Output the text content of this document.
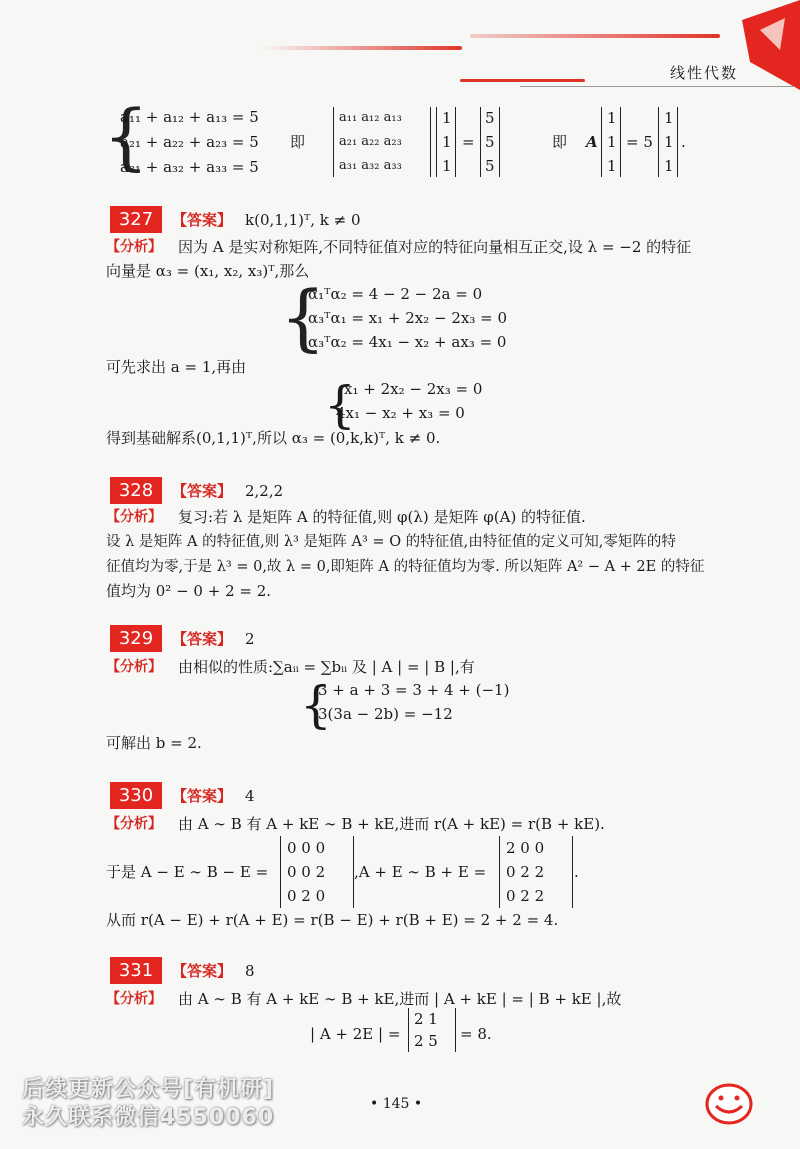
线性代数
{
a₁₁ + a₁₂ + a₁₃ = 5
a₂₁ + a₂₂ + a₂₃ = 5
a₃₁ + a₃₂ + a₃₃ = 5
即
a₁₁ a₁₂ a₁₃
a₂₁ a₂₂ a₂₃
a₃₁ a₃₂ a₃₃
1
1
1
=
5
5
5
即 A
1
1
1
= 5
1
1
1
.
327	【答案】 k(0,1,1)ᵀ, k ≠ 0
【分析】 因为 A 是实对称矩阵,不同特征值对应的特征向量相互正交,设 λ = −2 的特征
向量是 α₃ = (x₁, x₂, x₃)ᵀ,那么
{
α₁ᵀα₂ = 4 − 2 − 2a = 0
α₃ᵀα₁ = x₁ + 2x₂ − 2x₃ = 0
α₃ᵀα₂ = 4x₁ − x₂ + ax₃ = 0
可先求出 a = 1,再由
{
x₁ + 2x₂ − 2x₃ = 0
4x₁ − x₂ + x₃ = 0
得到基础解系(0,1,1)ᵀ,所以 α₃ = (0,k,k)ᵀ, k ≠ 0.
328	【答案】 2,2,2
【分析】 复习:若 λ 是矩阵 A 的特征值,则 φ(λ) 是矩阵 φ(A) 的特征值.
设 λ 是矩阵 A 的特征值,则 λ³ 是矩阵 A³ = O 的特征值,由特征值的定义可知,零矩阵的特
征值均为零,于是 λ³ = 0,故 λ = 0,即矩阵 A 的特征值均为零. 所以矩阵 A² − A + 2E 的特征
值均为 0² − 0 + 2 = 2.
329	【答案】 2
【分析】 由相似的性质:∑aᵢᵢ = ∑bᵢᵢ 及 | A | = | B |,有
{
3 + a + 3 = 3 + 4 + (−1)
3(3a − 2b) = −12
可解出 b = 2.
330	【答案】 4
【分析】 由 A ∼ B 有 A + kE ∼ B + kE,进而 r(A + kE) = r(B + kE).
于是 A − E ∼ B − E =
0 0 0
0 0 2
0 2 0
,A + E ∼ B + E =
2 0 0
0 2 2
0 2 2
.
从而 r(A − E) + r(A + E) = r(B − E) + r(B + E) = 2 + 2 = 4.
331	【答案】 8
【分析】 由 A ∼ B 有 A + kE ∼ B + kE,进而 | A + kE | = | B + kE |,故
| A + 2E | =
2 1
2 5 = 8.
后续更新公众号[有机研]
永久联系微信4550060
• 145 •
